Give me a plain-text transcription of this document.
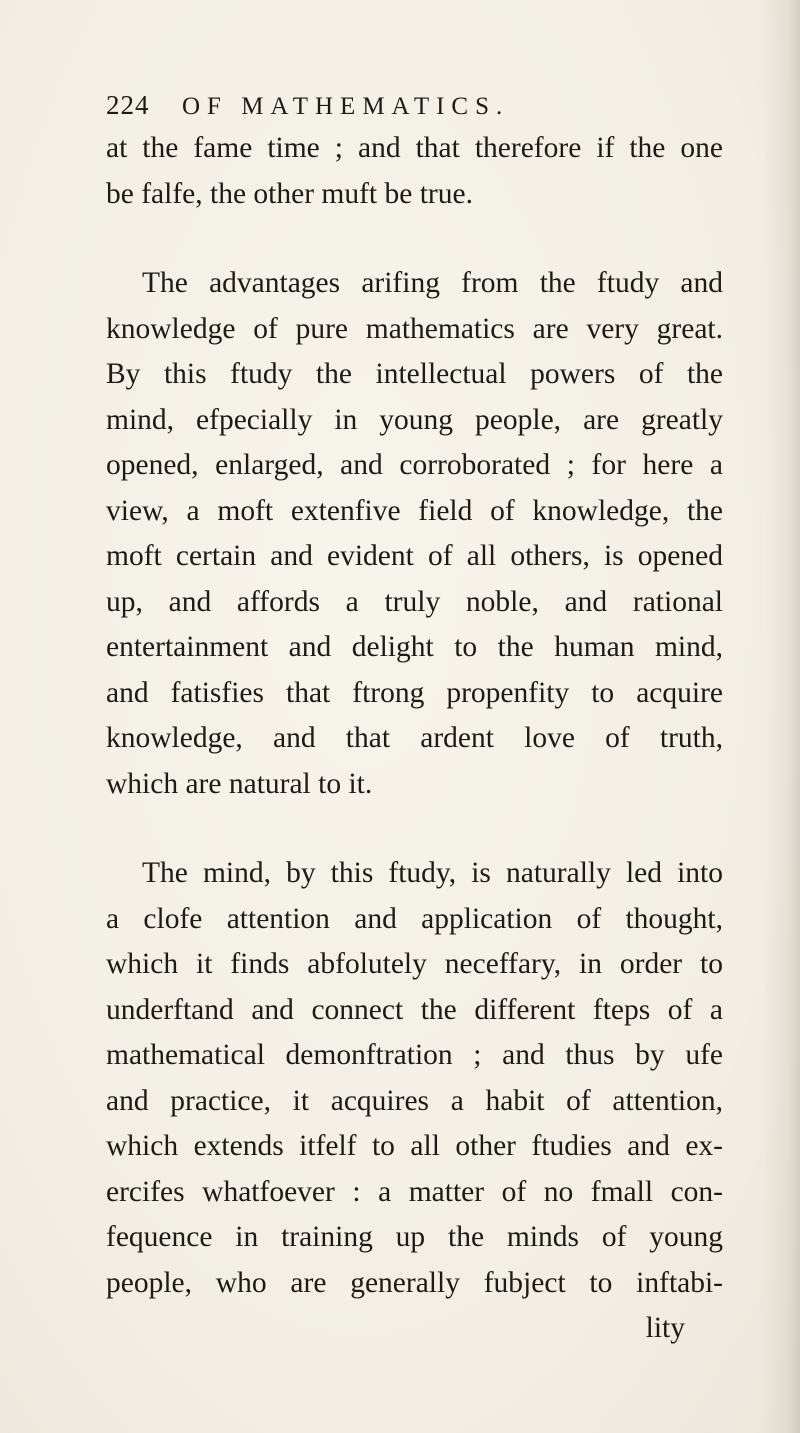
224	OF MATHEMATICS.
at the fame time ; and that therefore if the one
be falfe, the other muft be true.
The advantages arifing from the ftudy and
knowledge of pure mathematics are very great.
By this ftudy the intellectual powers of the
mind, efpecially in young people, are greatly
opened, enlarged, and corroborated ; for here a
view, a moft extenfive field of knowledge, the
moft certain and evident of all others, is opened
up, and affords a truly noble, and rational
entertainment and delight to the human mind,
and fatisfies that ftrong propenfity to acquire
knowledge, and that ardent love of truth,
which are natural to it.
The mind, by this ftudy, is naturally led into
a clofe attention and application of thought,
which it finds abfolutely neceffary, in order to
underftand and connect the different fteps of a
mathematical demonftration ; and thus by ufe
and practice, it acquires a habit of attention,
which extends itfelf to all other ftudies and ex-
ercifes whatfoever : a matter of no fmall con-
fequence in training up the minds of young
people, who are generally fubject to inftabi-
lity
